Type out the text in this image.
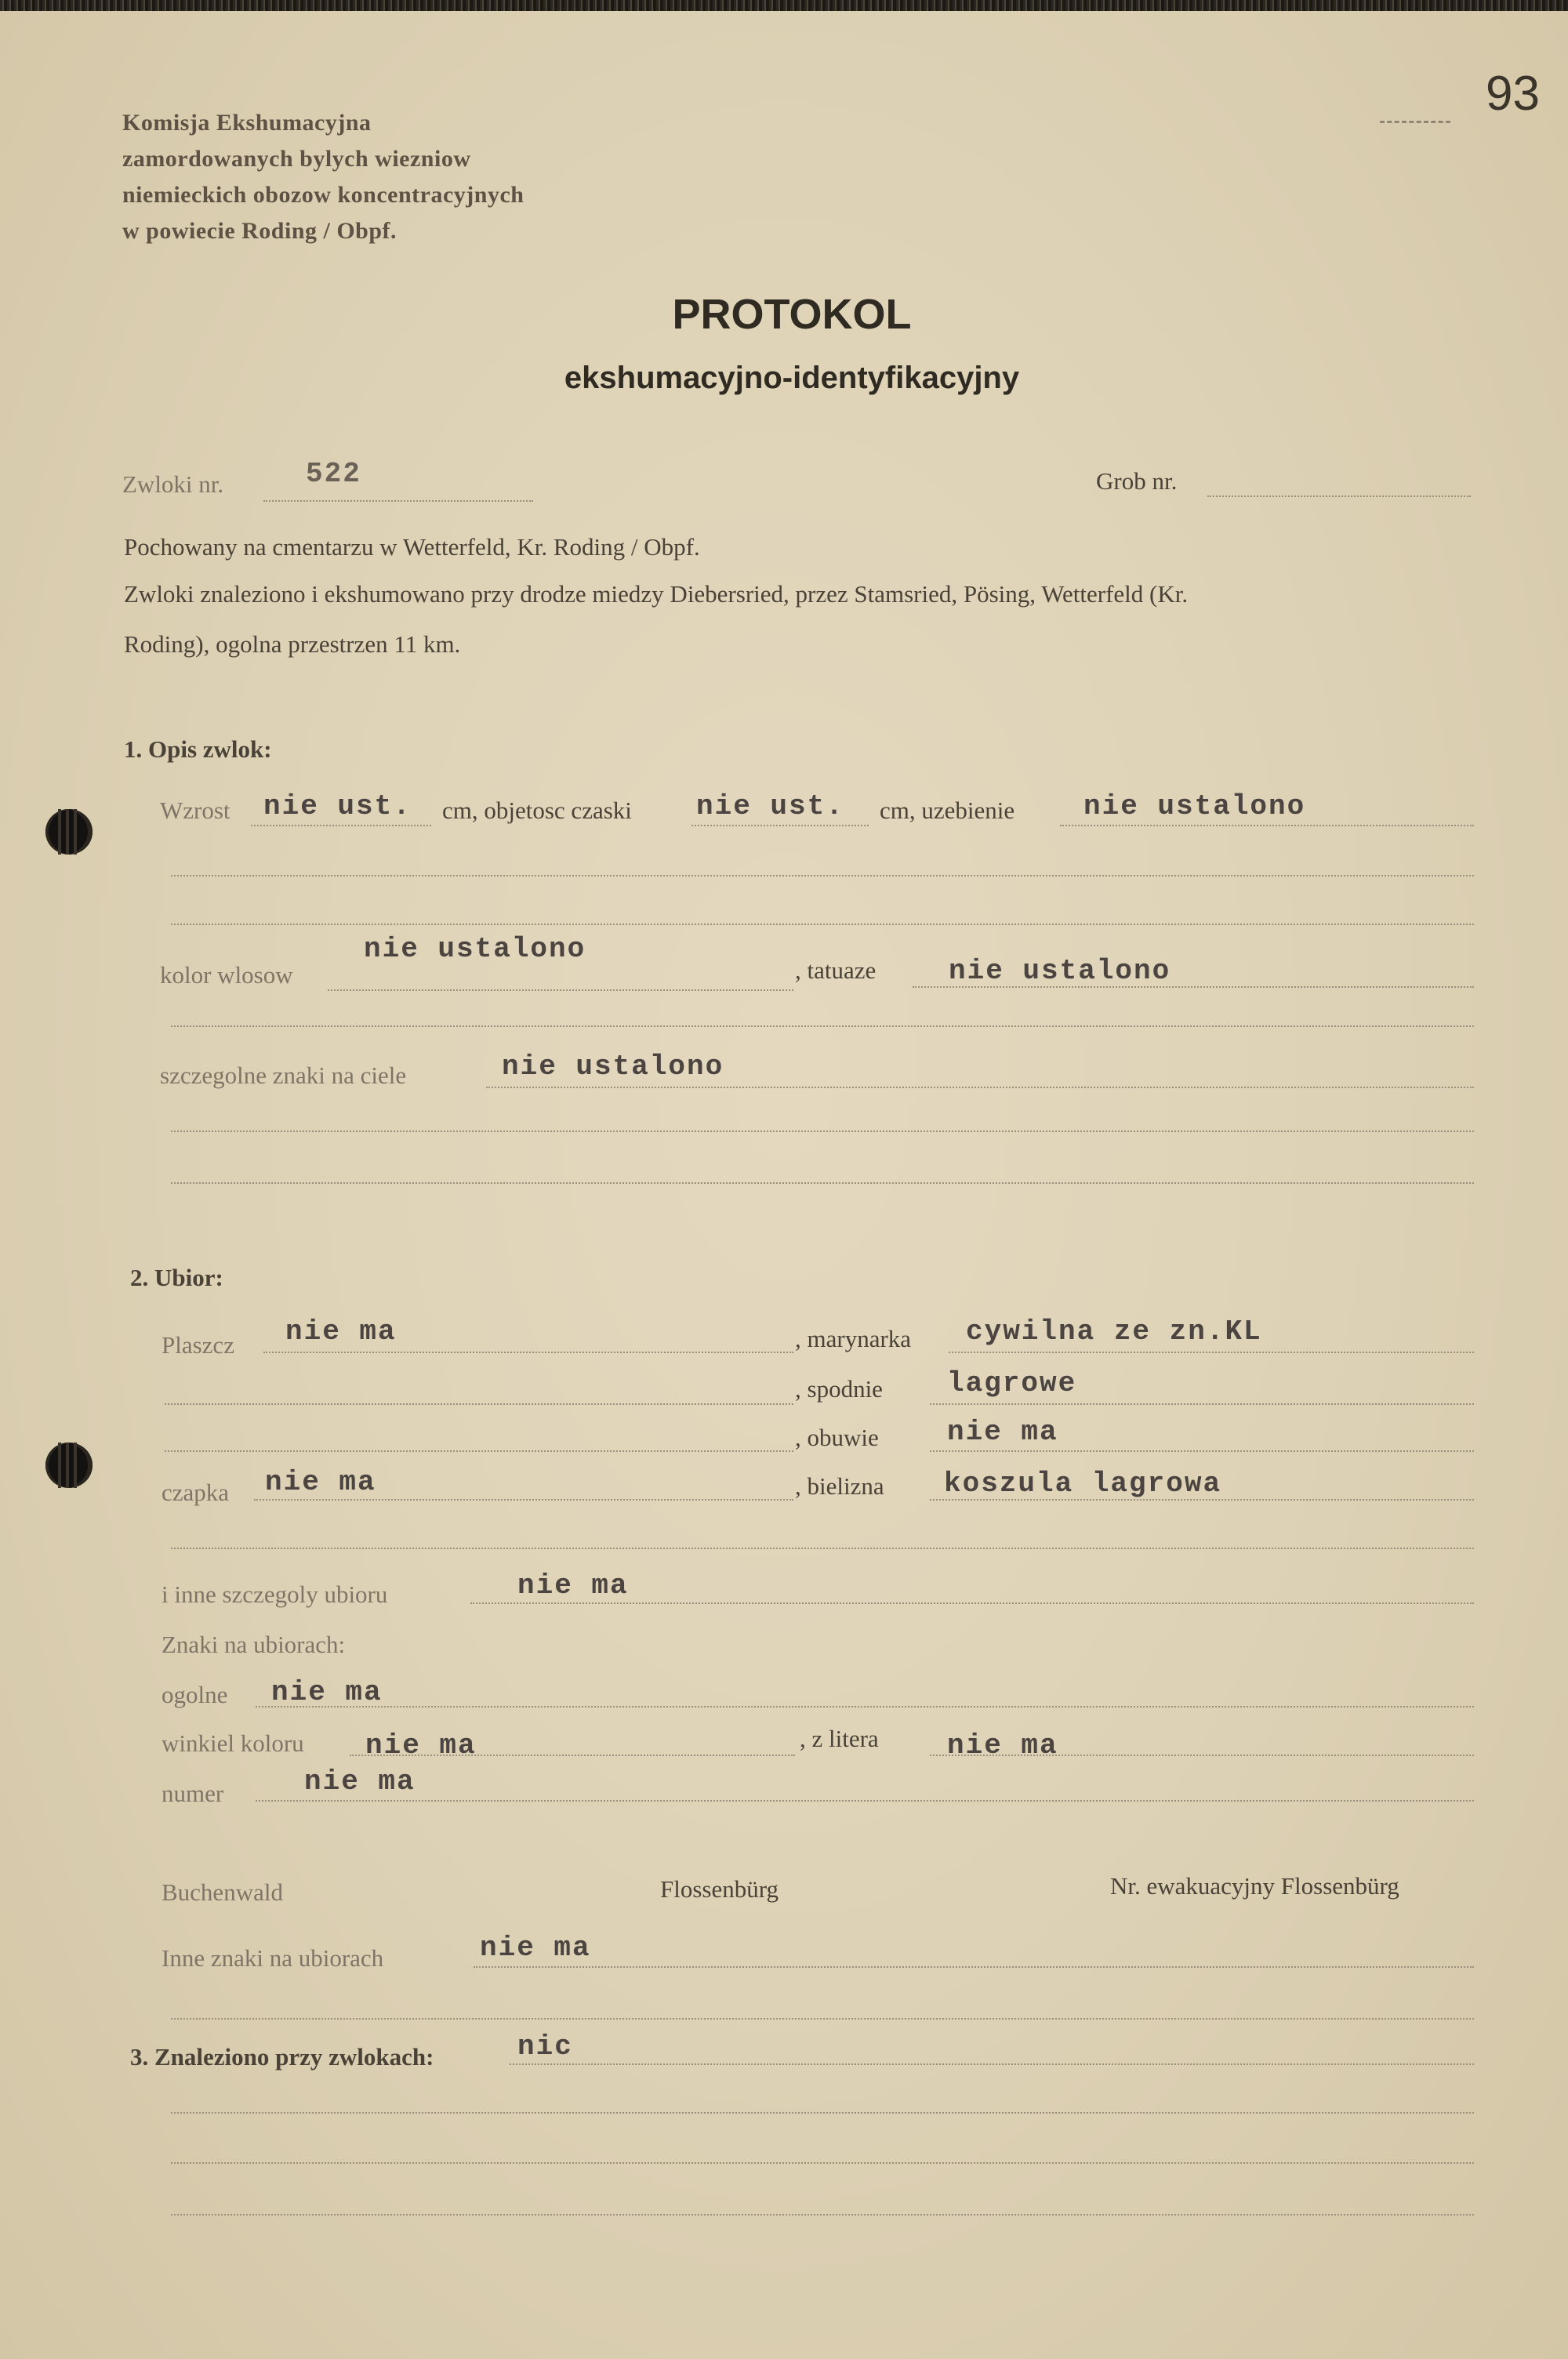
93
Komisja Ekshumacyjna
zamordowanych bylych wiezniow
niemieckich obozow koncentracyjnych
w powiecie Roding / Obpf.
PROTOKOL
ekshumacyjno-identyfikacyjny
Zwloki nr.	522	Grob nr.
Pochowany na cmentarzu w Wetterfeld, Kr. Roding / Obpf.
Zwloki znaleziono i ekshumowano przy drodze miedzy Diebersried, przez Stamsried, Pösing, Wetterfeld (Kr.
Roding), ogolna przestrzen 11 km.
1. Opis zwlok:
Wzrost nie ust. cm, objetosc czaski nie ust. cm, uzebienie nie ustalono
kolor wlosow
nie ustalono
, tatuaze	nie ustalono
szczegolne znaki na ciele	nie ustalono
2. Ubior:
Plaszcz nie ma	, marynarka cywilna ze zn.KL
, spodnie lagrowe
, obuwie nie ma
czapka nie ma	, bielizna koszula lagrowa
i inne szczegoly ubioru	nie ma
Znaki na ubiorach:
ogolne nie ma
winkiel koloru nie ma	, z litera nie ma
numer	nie ma
Buchenwald	Flossenbürg	Nr. ewakuacyjny Flossenbürg
Inne znaki na ubiorach	nie ma
3. Znaleziono przy zwlokach:	nic
